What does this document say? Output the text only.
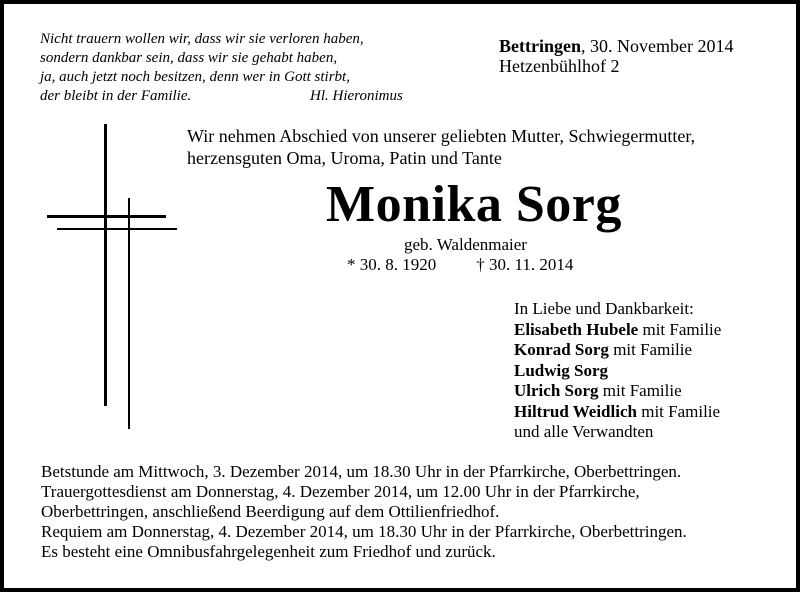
Nicht trauern wollen wir, dass wir sie verloren haben,
sondern dankbar sein, dass wir sie gehabt haben,
ja, auch jetzt noch besitzen, denn wer in Gott stirbt,
der bleibt in der Familie.	Hl. Hieronimus
Bettringen, 30. November 2014
Hetzenbühlhof 2
Wir nehmen Abschied von unserer geliebten Mutter, Schwiegermutter,
herzensguten Oma, Uroma, Patin und Tante
Monika Sorg
geb. Waldenmaier
* 30. 8. 1920 † 30. 11. 2014
In Liebe und Dankbarkeit:
Elisabeth Hubele mit Familie
Konrad Sorg mit Familie
Ludwig Sorg
Ulrich Sorg mit Familie
Hiltrud Weidlich mit Familie
und alle Verwandten
Betstunde am Mittwoch, 3. Dezember 2014, um 18.30 Uhr in der Pfarrkirche, Oberbettringen.
Trauergottesdienst am Donnerstag, 4. Dezember 2014, um 12.00 Uhr in der Pfarrkirche,
Oberbettringen, anschließend Beerdigung auf dem Ottilienfriedhof.
Requiem am Donnerstag, 4. Dezember 2014, um 18.30 Uhr in der Pfarrkirche, Oberbettringen.
Es besteht eine Omnibusfahrgelegenheit zum Friedhof und zurück.
